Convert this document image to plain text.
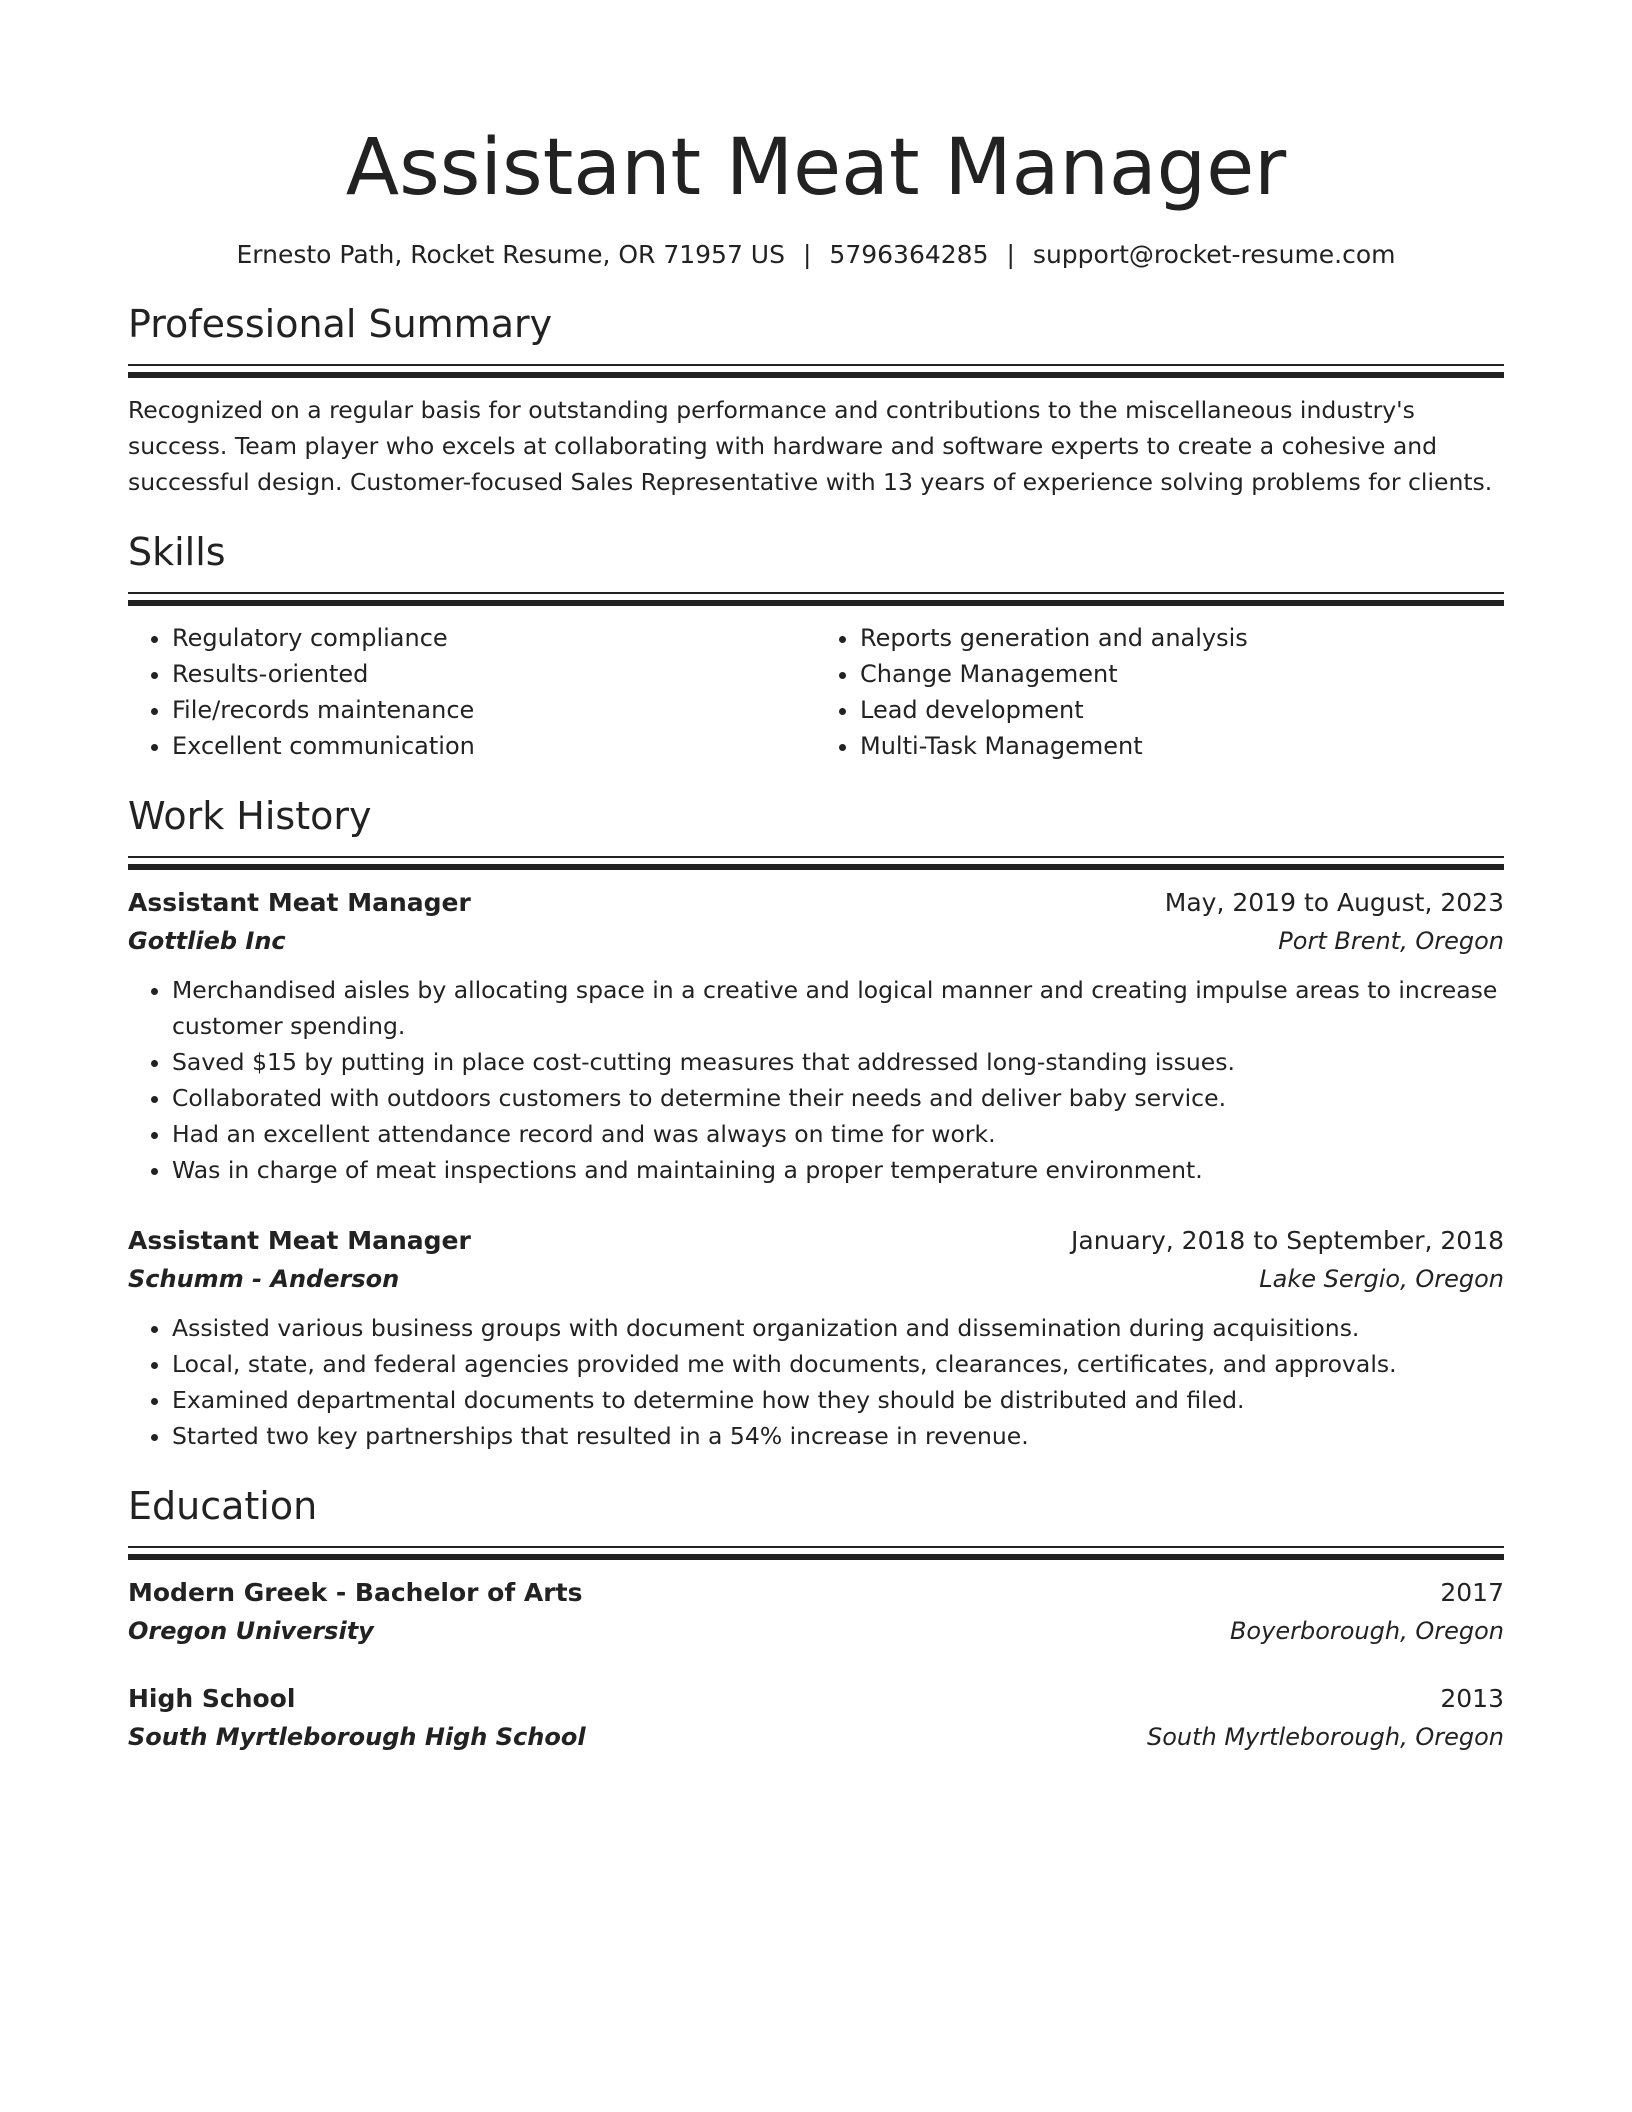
Assistant Meat Manager
Ernesto Path, Rocket Resume, OR 71957 US | 5796364285 | support@rocket-resume.com
Professional Summary

Recognized on a regular basis for outstanding performance and contributions to the miscellaneous industry's success. Team player who excels at collaborating with hardware and software experts to create a cohesive and successful design. Customer-focused Sales Representative with 13 years of experience solving problems for clients.

Skills
• Regulatory compliance
• Results-oriented
• File/records maintenance
• Excellent communication
• Reports generation and analysis
• Change Management
• Lead development
• Multi-Task Management
Work History
Assistant Meat Manager	May, 2019 to August, 2023
Gottlieb Inc	Port Brent, Oregon
• Merchandised aisles by allocating space in a creative and logical manner and creating impulse areas to increase customer spending.
• Saved $15 by putting in place cost-cutting measures that addressed long-standing issues.
• Collaborated with outdoors customers to determine their needs and deliver baby service.
• Had an excellent attendance record and was always on time for work.
• Was in charge of meat inspections and maintaining a proper temperature environment.
Assistant Meat Manager	January, 2018 to September, 2018
Schumm - Anderson	Lake Sergio, Oregon
• Assisted various business groups with document organization and dissemination during acquisitions.
• Local, state, and federal agencies provided me with documents, clearances, certificates, and approvals.
• Examined departmental documents to determine how they should be distributed and filed.
• Started two key partnerships that resulted in a 54% increase in revenue.
Education
Modern Greek - Bachelor of Arts	2017
Oregon University	Boyerborough, Oregon
High School	2013
South Myrtleborough High School	South Myrtleborough, Oregon
